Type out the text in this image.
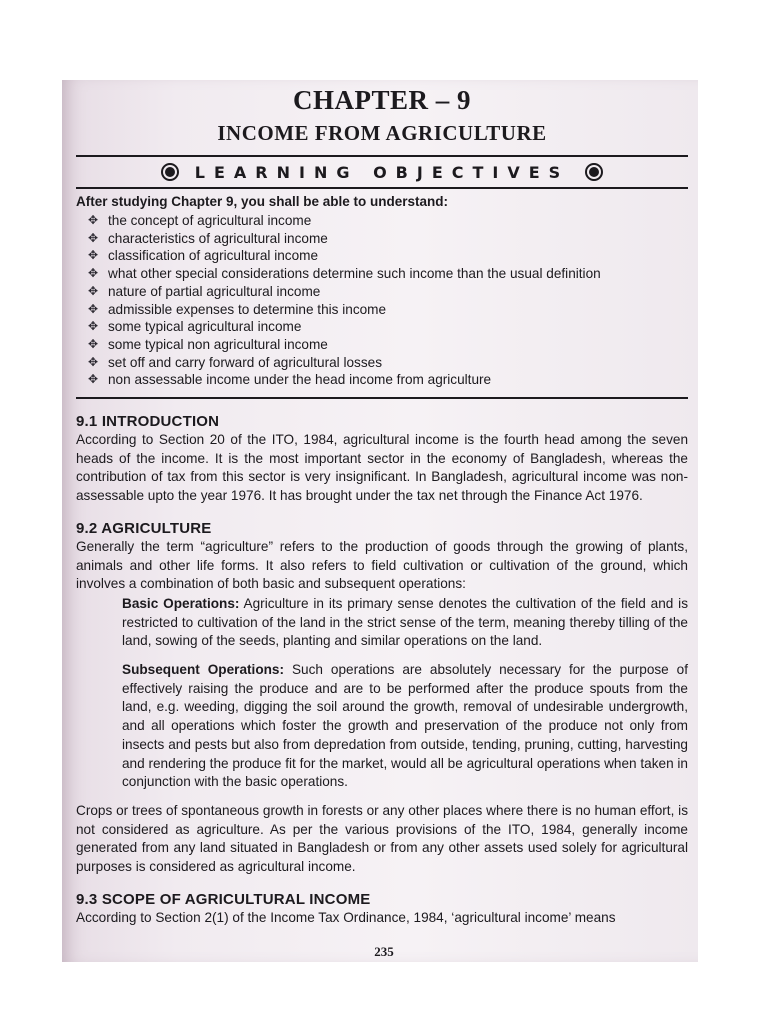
CHAPTER – 9
INCOME FROM AGRICULTURE
LEARNING OBJECTIVES
After studying Chapter 9, you shall be able to understand:
✥ the concept of agricultural income
✥ characteristics of agricultural income
✥ classification of agricultural income
✥ what other special considerations determine such income than the usual definition
✥ nature of partial agricultural income
✥ admissible expenses to determine this income
✥ some typical agricultural income
✥ some typical non agricultural income
✥ set off and carry forward of agricultural losses
✥ non assessable income under the head income from agriculture
9.1 INTRODUCTION

According to Section 20 of the ITO, 1984, agricultural income is the fourth head among the seven heads of the income. It is the most important sector in the economy of Bangladesh, whereas the contribution of tax from this sector is very insignificant. In Bangladesh, agricultural income was non-assessable upto the year 1976. It has brought under the tax net through the Finance Act 1976.

9.2 AGRICULTURE

Generally the term “agriculture” refers to the production of goods through the growing of plants, animals and other life forms. It also refers to field cultivation or cultivation of the ground, which involves a combination of both basic and subsequent operations:

Basic Operations: Agriculture in its primary sense denotes the cultivation of the field and is restricted to cultivation of the land in the strict sense of the term, meaning thereby tilling of the land, sowing of the seeds, planting and similar operations on the land.

Subsequent Operations: Such operations are absolutely necessary for the purpose of effectively raising the produce and are to be performed after the produce spouts from the land, e.g. weeding, digging the soil around the growth, removal of undesirable undergrowth, and all operations which foster the growth and preservation of the produce not only from insects and pests but also from depredation from outside, tending, pruning, cutting, harvesting and rendering the produce fit for the market, would all be agricultural operations when taken in conjunction with the basic operations.

Crops or trees of spontaneous growth in forests or any other places where there is no human effort, is not considered as agriculture. As per the various provisions of the ITO, 1984, generally income generated from any land situated in Bangladesh or from any other assets used solely for agricultural purposes is considered as agricultural income.

9.3 SCOPE OF AGRICULTURAL INCOME

According to Section 2(1) of the Income Tax Ordinance, 1984, ‘agricultural income’ means

235
